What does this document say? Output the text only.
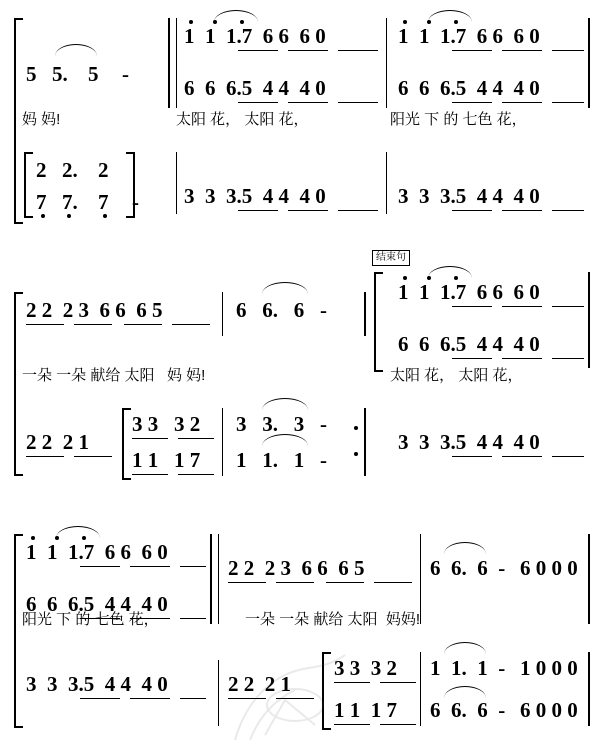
5 5. 5 -
2 2. 2
7 7. 7 -
1  1  1.7  6 6  6 0
6  6  6.5  4 4  4 0
1  1  1.7  6 6  6 0
6  6  6.5  4 4  4 0
妈 妈!	太阳 花， 太阳 花，	阳光 下 的 七色 花，
3  3  3.5  4 4  4 0	3  3  3.5  4 4  4 0
结束句
2 2  2 3  6 6  6 5	6   6.   6   -
1  1  1.7  6 6  6 0
6  6  6.5  4 4  4 0
一朵 一朵 献给 太阳   妈 妈!	太阳 花， 太阳 花，
2 2  2 1
3 3   3 2
1 1   1 7
3   3.   3   -
1   1.   1   -
3  3  3.5  4 4  4 0
1  1  1.7  6 6  6 0
6  6  6.5  4 4  4 0
2 2  2 3  6 6  6 5	6  6.  6  - 6 0 0 0
阳光 下 的 七色 花，	一朵 一朵 献给 太阳  妈妈!
3  3  3.5  4 4  4 0	2 2  2 1
3 3  3 2 1  1.  1  - 1 0 0 0
1 1  1 7 6  6.  6  - 6 0 0 0
